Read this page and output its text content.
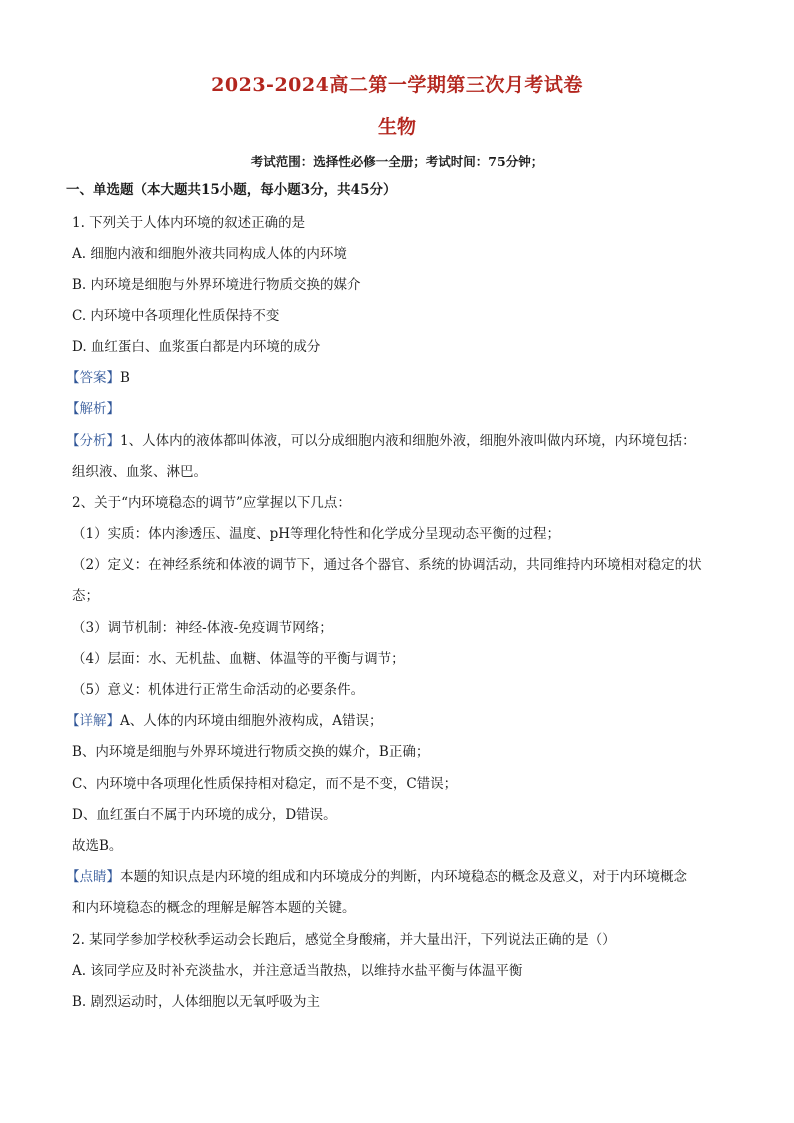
2023-2024高二第一学期第三次月考试卷
生物
考试范围：选择性必修一全册；考试时间：75分钟；
一、单选题（本大题共15小题，每小题3分，共45分）
1. 下列关于人体内环境的叙述正确的是
A. 细胞内液和细胞外液共同构成人体的内环境
B. 内环境是细胞与外界环境进行物质交换的媒介
C. 内环境中各项理化性质保持不变
D. 血红蛋白、血浆蛋白都是内环境的成分
【答案】B
【解析】
【分析】1、人体内的液体都叫体液，可以分成细胞内液和细胞外液，细胞外液叫做内环境，内环境包括：
组织液、血浆、淋巴。
2、关于“内环境稳态的调节”应掌握以下几点：
（1）实质：体内渗透压、温度、pH等理化特性和化学成分呈现动态平衡的过程；
（2）定义：在神经系统和体液的调节下，通过各个器官、系统的协调活动，共同维持内环境相对稳定的状
态；
（3）调节机制：神经-体液-免疫调节网络；
（4）层面：水、无机盐、血糖、体温等的平衡与调节；
（5）意义：机体进行正常生命活动的必要条件。
【详解】A、人体的内环境由细胞外液构成，A错误；
B、内环境是细胞与外界环境进行物质交换的媒介，B正确；
C、内环境中各项理化性质保持相对稳定，而不是不变，C错误；
D、血红蛋白不属于内环境的成分，D错误。
故选B。
【点睛】本题的知识点是内环境的组成和内环境成分的判断，内环境稳态的概念及意义，对于内环境概念
和内环境稳态的概念的理解是解答本题的关键。
2. 某同学参加学校秋季运动会长跑后，感觉全身酸痛，并大量出汗，下列说法正确的是（）
A. 该同学应及时补充淡盐水，并注意适当散热，以维持水盐平衡与体温平衡
B. 剧烈运动时，人体细胞以无氧呼吸为主
